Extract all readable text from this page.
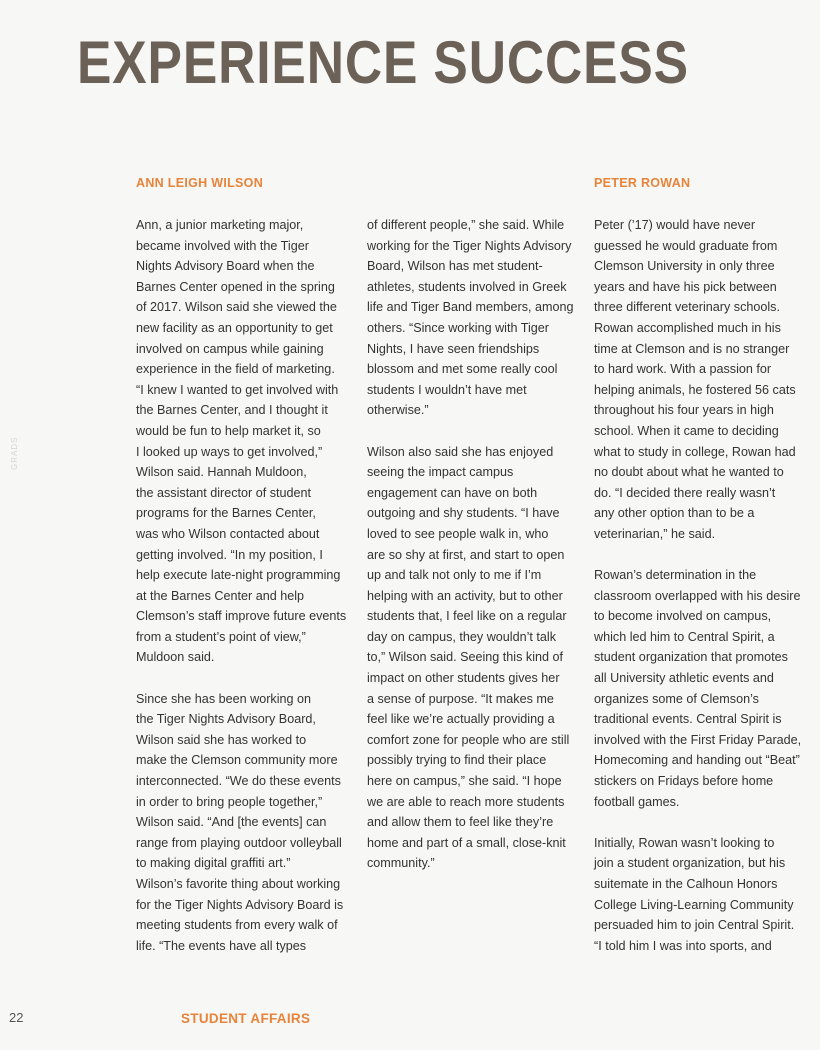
EXPERIENCE SUCCESS
GRADS
ANN LEIGH WILSON	PETER ROWAN

Ann, a junior marketing major,
became involved with the Tiger
Nights Advisory Board when the
Barnes Center opened in the spring
of 2017. Wilson said she viewed the
new facility as an opportunity to get
involved on campus while gaining
experience in the field of marketing.
“I knew I wanted to get involved with
the Barnes Center, and I thought it
would be fun to help market it, so
I looked up ways to get involved,”
Wilson said. Hannah Muldoon,
the assistant director of student
programs for the Barnes Center,
was who Wilson contacted about
getting involved. “In my position, I
help execute late-night programming
at the Barnes Center and help
Clemson’s staff improve future events
from a student’s point of view,”
Muldoon said.

Since she has been working on
the Tiger Nights Advisory Board,
Wilson said she has worked to
make the Clemson community more
interconnected. “We do these events
in order to bring people together,”
Wilson said. “And [the events] can
range from playing outdoor volleyball
to making digital graffiti art.”
Wilson’s favorite thing about working
for the Tiger Nights Advisory Board is
meeting students from every walk of
life. “The events have all types

of different people,” she said. While
working for the Tiger Nights Advisory
Board, Wilson has met student-
athletes, students involved in Greek
life and Tiger Band members, among
others. “Since working with Tiger
Nights, I have seen friendships
blossom and met some really cool
students I wouldn’t have met
otherwise.”

Wilson also said she has enjoyed
seeing the impact campus
engagement can have on both
outgoing and shy students. “I have
loved to see people walk in, who
are so shy at first, and start to open
up and talk not only to me if I’m
helping with an activity, but to other
students that, I feel like on a regular
day on campus, they wouldn’t talk
to,” Wilson said. Seeing this kind of
impact on other students gives her
a sense of purpose. “It makes me
feel like we’re actually providing a
comfort zone for people who are still
possibly trying to find their place
here on campus,” she said. “I hope
we are able to reach more students
and allow them to feel like they’re
home and part of a small, close-knit
community.”

Peter (’17) would have never
guessed he would graduate from
Clemson University in only three
years and have his pick between
three different veterinary schools.
Rowan accomplished much in his
time at Clemson and is no stranger
to hard work. With a passion for
helping animals, he fostered 56 cats
throughout his four years in high
school. When it came to deciding
what to study in college, Rowan had
no doubt about what he wanted to
do. “I decided there really wasn’t
any other option than to be a
veterinarian,” he said.

Rowan’s determination in the
classroom overlapped with his desire
to become involved on campus,
which led him to Central Spirit, a
student organization that promotes
all University athletic events and
organizes some of Clemson’s
traditional events. Central Spirit is
involved with the First Friday Parade,
Homecoming and handing out “Beat”
stickers on Fridays before home
football games.

Initially, Rowan wasn’t looking to
join a student organization, but his
suitemate in the Calhoun Honors
College Living-Learning Community
persuaded him to join Central Spirit.
“I told him I was into sports, and

22	STUDENT AFFAIRS
